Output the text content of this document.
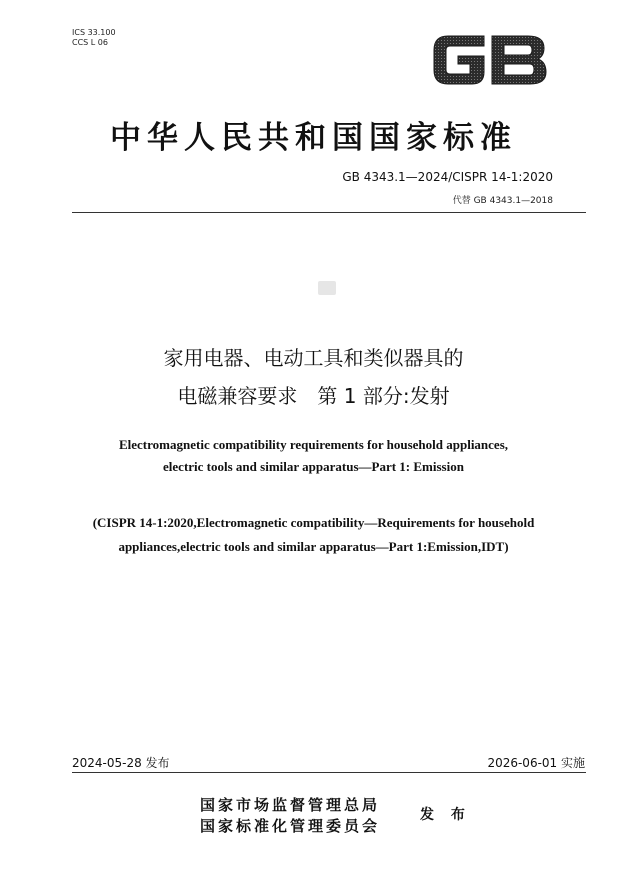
ICS 33.100
CCS L 06
中华人民共和国国家标准
GB 4343.1—2024/CISPR 14-1:2020
代替 GB 4343.1—2018
家用电器、电动工具和类似器具的
电磁兼容要求　第 1 部分:发射
Electromagnetic compatibility requirements for household appliances,
electric tools and similar apparatus—Part 1: Emission
(CISPR 14-1:2020,Electromagnetic compatibility—Requirements for household
appliances,electric tools and similar apparatus—Part 1:Emission,IDT)
2024-05-28 发布	2026-06-01 实施
国家市场监督管理总局
国家标准化管理委员会
发 布
